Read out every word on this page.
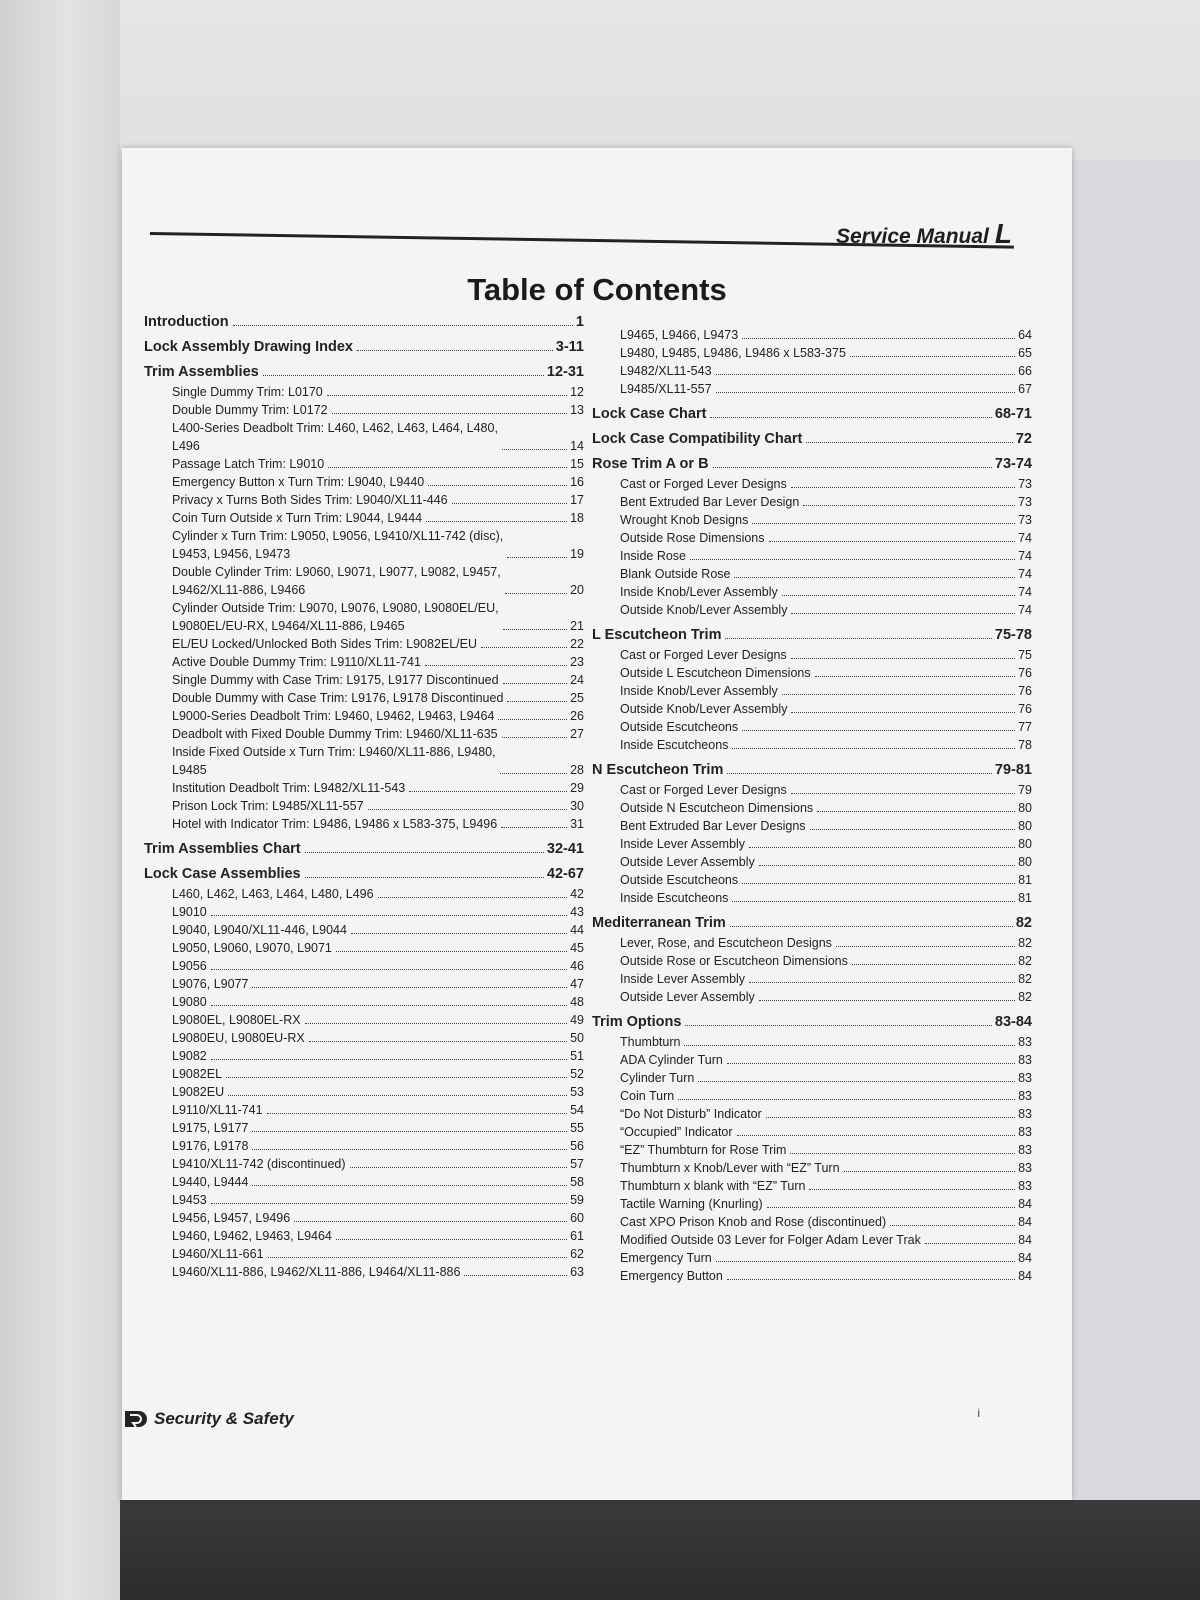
Service Manual L
Table of Contents
Introduction	1
Lock Assembly Drawing Index	3-11
Trim Assemblies	12-31
Single Dummy Trim: L0170	12
Double Dummy Trim: L0172	13
L400-Series Deadbolt Trim: L460, L462, L463, L464, L480,
L496	14
Passage Latch Trim: L9010	15
Emergency Button x Turn Trim: L9040, L9440	16
Privacy x Turns Both Sides Trim: L9040/XL11-446	17
Coin Turn Outside x Turn Trim: L9044, L9444	18
Cylinder x Turn Trim: L9050, L9056, L9410/XL11-742 (disc),
L9453, L9456, L9473	19
Double Cylinder Trim: L9060, L9071, L9077, L9082, L9457,
L9462/XL11-886, L9466	20
Cylinder Outside Trim: L9070, L9076, L9080, L9080EL/EU,
L9080EL/EU-RX, L9464/XL11-886, L9465	21
EL/EU Locked/Unlocked Both Sides Trim: L9082EL/EU	22
Active Double Dummy Trim: L9110/XL11-741	23
Single Dummy with Case Trim: L9175, L9177 Discontinued	24
Double Dummy with Case Trim: L9176, L9178 Discontinued	25
L9000-Series Deadbolt Trim: L9460, L9462, L9463, L9464	26
Deadbolt with Fixed Double Dummy Trim: L9460/XL11-635	27
Inside Fixed Outside x Turn Trim: L9460/XL11-886, L9480,
L9485	28
Institution Deadbolt Trim: L9482/XL11-543	29
Prison Lock Trim: L9485/XL11-557	30
Hotel with Indicator Trim: L9486, L9486 x L583-375, L9496	31
Trim Assemblies Chart	32-41
Lock Case Assemblies	42-67
L460, L462, L463, L464, L480, L496	42
L9010	43
L9040, L9040/XL11-446, L9044	44
L9050, L9060, L9070, L9071	45
L9056	46
L9076, L9077	47
L9080	48
L9080EL, L9080EL-RX	49
L9080EU, L9080EU-RX	50
L9082	51
L9082EL	52
L9082EU	53
L9110/XL11-741	54
L9175, L9177	55
L9176, L9178	56
L9410/XL11-742 (discontinued)	57
L9440, L9444	58
L9453	59
L9456, L9457, L9496	60
L9460, L9462, L9463, L9464	61
L9460/XL11-661	62
L9460/XL11-886, L9462/XL11-886, L9464/XL11-886	63
L9465, L9466, L9473	64
L9480, L9485, L9486, L9486 x L583-375	65
L9482/XL11-543	66
L9485/XL11-557	67
Lock Case Chart	68-71
Lock Case Compatibility Chart	72
Rose Trim A or B	73-74
Cast or Forged Lever Designs	73
Bent Extruded Bar Lever Design	73
Wrought Knob Designs	73
Outside Rose Dimensions	74
Inside Rose	74
Blank Outside Rose	74
Inside Knob/Lever Assembly	74
Outside Knob/Lever Assembly	74
L Escutcheon Trim	75-78
Cast or Forged Lever Designs	75
Outside L Escutcheon Dimensions	76
Inside Knob/Lever Assembly	76
Outside Knob/Lever Assembly	76
Outside Escutcheons	77
Inside Escutcheons	78
N Escutcheon Trim	79-81
Cast or Forged Lever Designs	79
Outside N Escutcheon Dimensions	80
Bent Extruded Bar Lever Designs	80
Inside Lever Assembly	80
Outside Lever Assembly	80
Outside Escutcheons	81
Inside Escutcheons	81
Mediterranean Trim	82
Lever, Rose, and Escutcheon Designs	82
Outside Rose or Escutcheon Dimensions	82
Inside Lever Assembly	82
Outside Lever Assembly	82
Trim Options	83-84
Thumbturn	83
ADA Cylinder Turn	83
Cylinder Turn	83
Coin Turn	83
“Do Not Disturb” Indicator	83
“Occupied” Indicator	83
“EZ” Thumbturn for Rose Trim	83
Thumbturn x Knob/Lever with “EZ” Turn	83
Thumbturn x blank with “EZ” Turn	83
Tactile Warning (Knurling)	84
Cast XPO Prison Knob and Rose (discontinued)	84
Modified Outside 03 Lever for Folger Adam Lever Trak	84
Emergency Turn	84
Emergency Button	84
Security & Safety	i
